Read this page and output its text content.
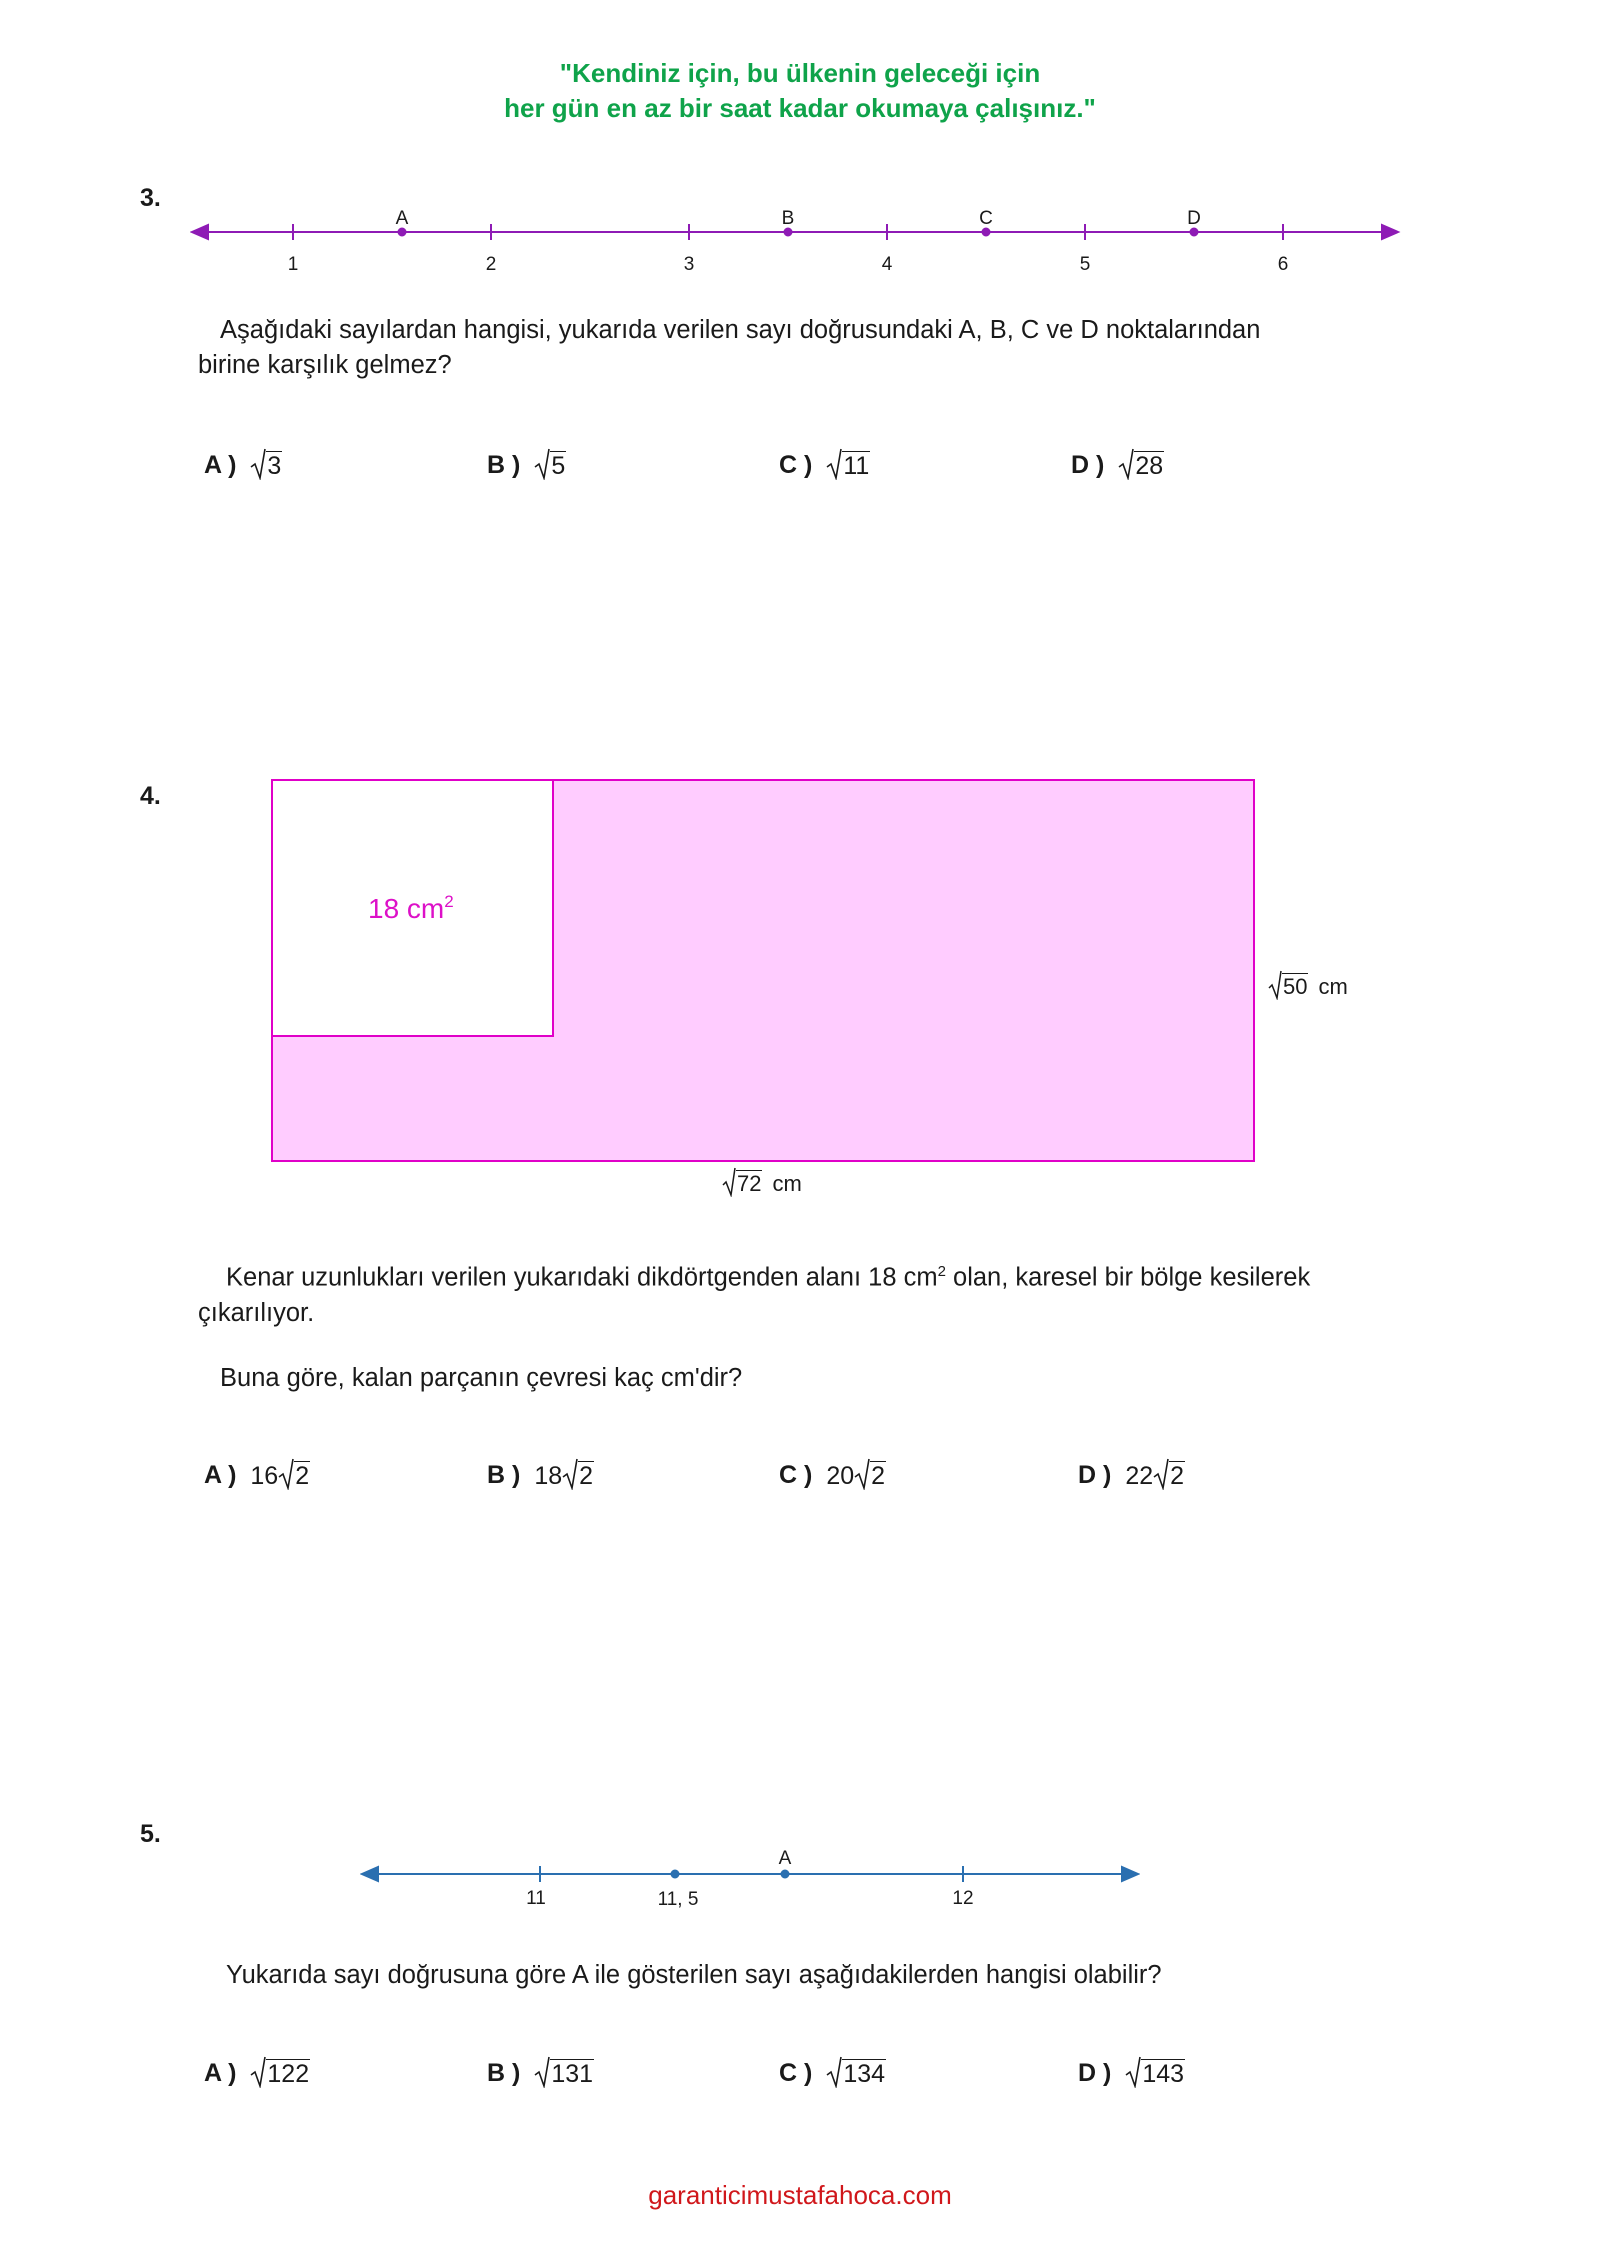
"Kendiniz için, bu ülkenin geleceği için
her gün en az bir saat kadar okumaya çalışınız."
3.
1	2	3	4	5	6
A	B	C	D
Aşağıdaki sayılardan hangisi, yukarıda verilen sayı doğrusundaki A, B, C ve D noktalarından
birine karşılık gelmez?
A ) 3	B ) 5	C ) 11	D ) 28
4.
18 $cm^2$
50 cm
72 cm
Kenar uzunlukları verilen yukarıdaki dikdörtgenden alanı 18 $cm^2$ olan, karesel bir bölge kesilerek
çıkarılıyor.
Buna göre, kalan parçanın çevresi kaç cm'dir?
A ) 16 2	B ) 18 2	C ) 20 2	D ) 22 2
5.
11	11, 5	12
A
Yukarıda sayı doğrusuna göre A ile gösterilen sayı aşağıdakilerden hangisi olabilir?
A ) 122	B ) 131	C ) 134	D ) 143
garanticimustafahoca.com
